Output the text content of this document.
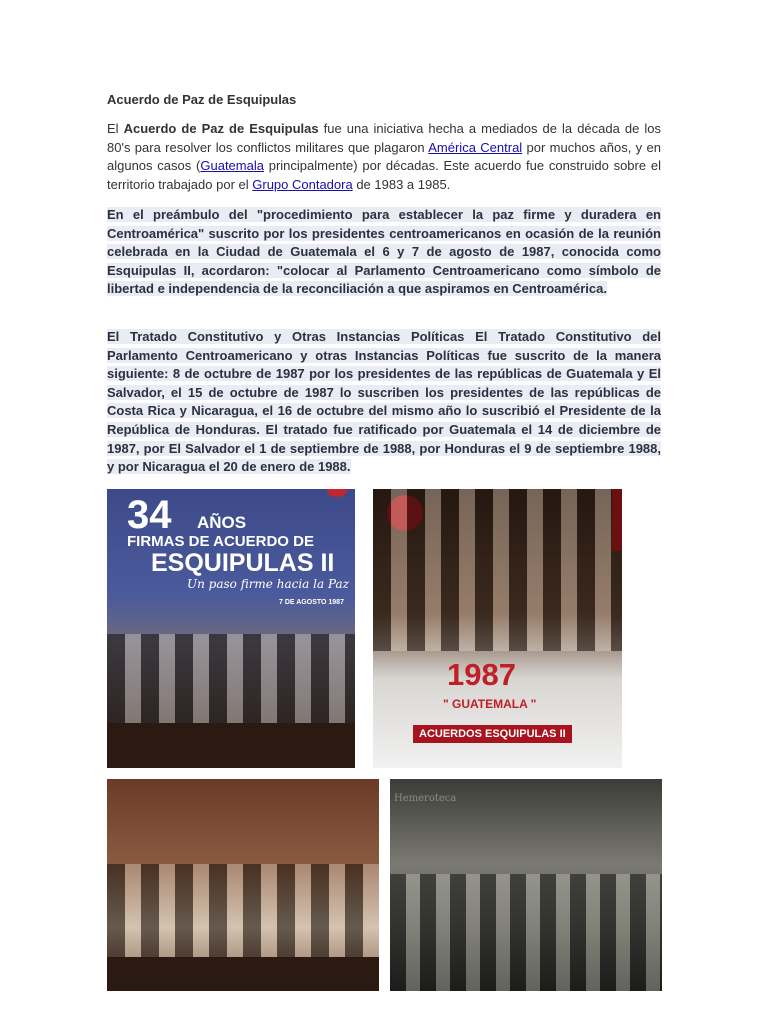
Acuerdo de Paz de Esquipulas

El Acuerdo de Paz de Esquipulas fue una iniciativa hecha a mediados de la década de los 80's para resolver los conflictos militares que plagaron América Central por muchos años, y en algunos casos (Guatemala principalmente) por décadas. Este acuerdo fue construido sobre el territorio trabajado por el Grupo Contadora de 1983 a 1985.

En el preámbulo del "procedimiento para establecer la paz firme y duradera en Centroamérica" suscrito por los presidentes centroamericanos en ocasión de la reunión celebrada en la Ciudad de Guatemala el 6 y 7 de agosto de 1987, conocida como Esquipulas II, acordaron: "colocar al Parlamento Centroamericano como símbolo de libertad e independencia de la reconciliación a que aspiramos en Centroamérica.

El Tratado Constitutivo y Otras Instancias Políticas El Tratado Constitutivo del Parlamento Centroamericano y otras Instancias Políticas fue suscrito de la manera siguiente: 8 de octubre de 1987 por los presidentes de las repúblicas de Guatemala y El Salvador, el 15 de octubre de 1987 lo suscriben los presidentes de las repúblicas de Costa Rica y Nicaragua, el 16 de octubre del mismo año lo suscribió el Presidente de la República de Honduras. El tratado fue ratificado por Guatemala el 14 de diciembre de 1987, por El Salvador el 1 de septiembre de 1988, por Honduras el 9 de septiembre 1988, y por Nicaragua el 20 de enero de 1988.

34 AÑOS
FIRMAS DE ACUERDO DE
ESQUIPULAS II
Un paso firme hacia la Paz
7 DE AGOSTO 1987
1987
" GUATEMALA "
ACUERDOS ESQUIPULAS II
Hemeroteca
